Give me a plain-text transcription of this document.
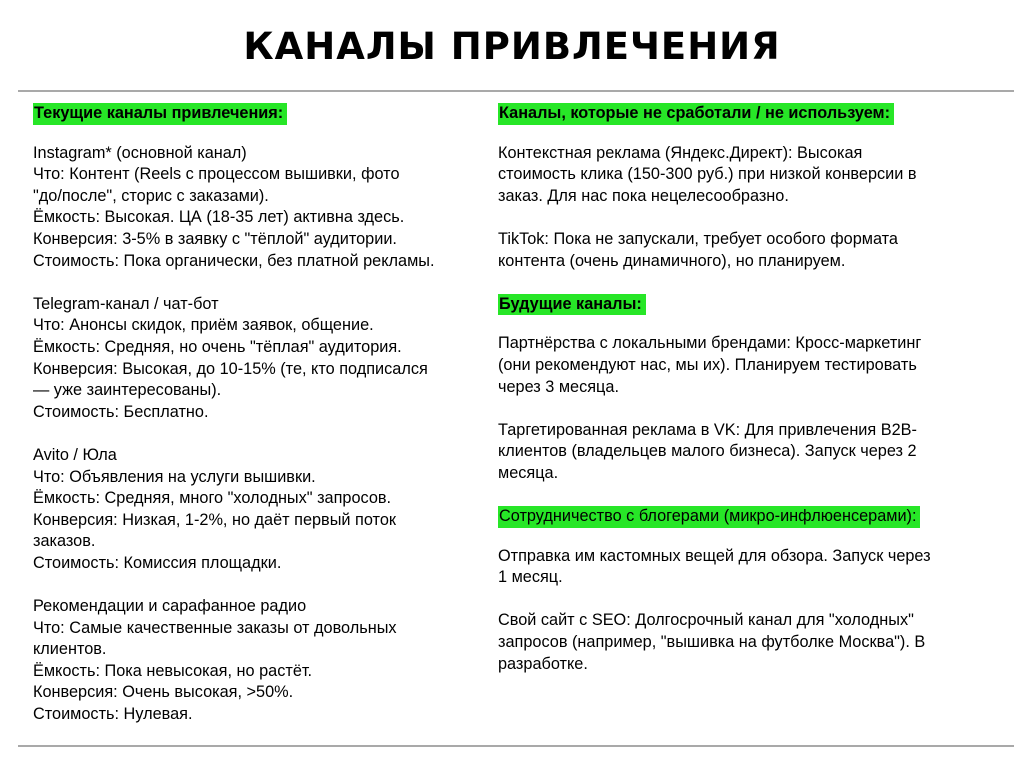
КАНАЛЫ ПРИВЛЕЧЕНИЯ
Текущие каналы привлечения:
Instagram* (основной канал)
Что: Контент (Reels с процессом вышивки, фото
"до/после", сторис с заказами).
Ёмкость: Высокая. ЦА (18-35 лет) активна здесь.
Конверсия: 3-5% в заявку с "тёплой" аудитории.
Стоимость: Пока органически, без платной рекламы.
Telegram-канал / чат-бот
Что: Анонсы скидок, приём заявок, общение.
Ёмкость: Средняя, но очень "тёплая" аудитория.
Конверсия: Высокая, до 10-15% (те, кто подписался
— уже заинтересованы).
Стоимость: Бесплатно.
Avito / Юла
Что: Объявления на услуги вышивки.
Ёмкость: Средняя, много "холодных" запросов.
Конверсия: Низкая, 1-2%, но даёт первый поток
заказов.
Стоимость: Комиссия площадки.
Рекомендации и сарафанное радио
Что: Самые качественные заказы от довольных
клиентов.
Ёмкость: Пока невысокая, но растёт.
Конверсия: Очень высокая, >50%.
Стоимость: Нулевая.
Каналы, которые не сработали / не используем:
Контекстная реклама (Яндекс.Директ): Высокая
стоимость клика (150-300 руб.) при низкой конверсии в
заказ. Для нас пока нецелесообразно.
TikTok: Пока не запускали, требует особого формата
контента (очень динамичного), но планируем.
Будущие каналы:
Партнёрства с локальными брендами: Кросс-маркетинг
(они рекомендуют нас, мы их). Планируем тестировать
через 3 месяца.
Таргетированная реклама в VK: Для привлечения B2B-
клиентов (владельцев малого бизнеса). Запуск через 2
месяца.
Сотрудничество с блогерами (микро-инфлюенсерами):
Отправка им кастомных вещей для обзора. Запуск через
1 месяц.
Свой сайт с SEO: Долгосрочный канал для "холодных"
запросов (например, "вышивка на футболке Москва"). В
разработке.
